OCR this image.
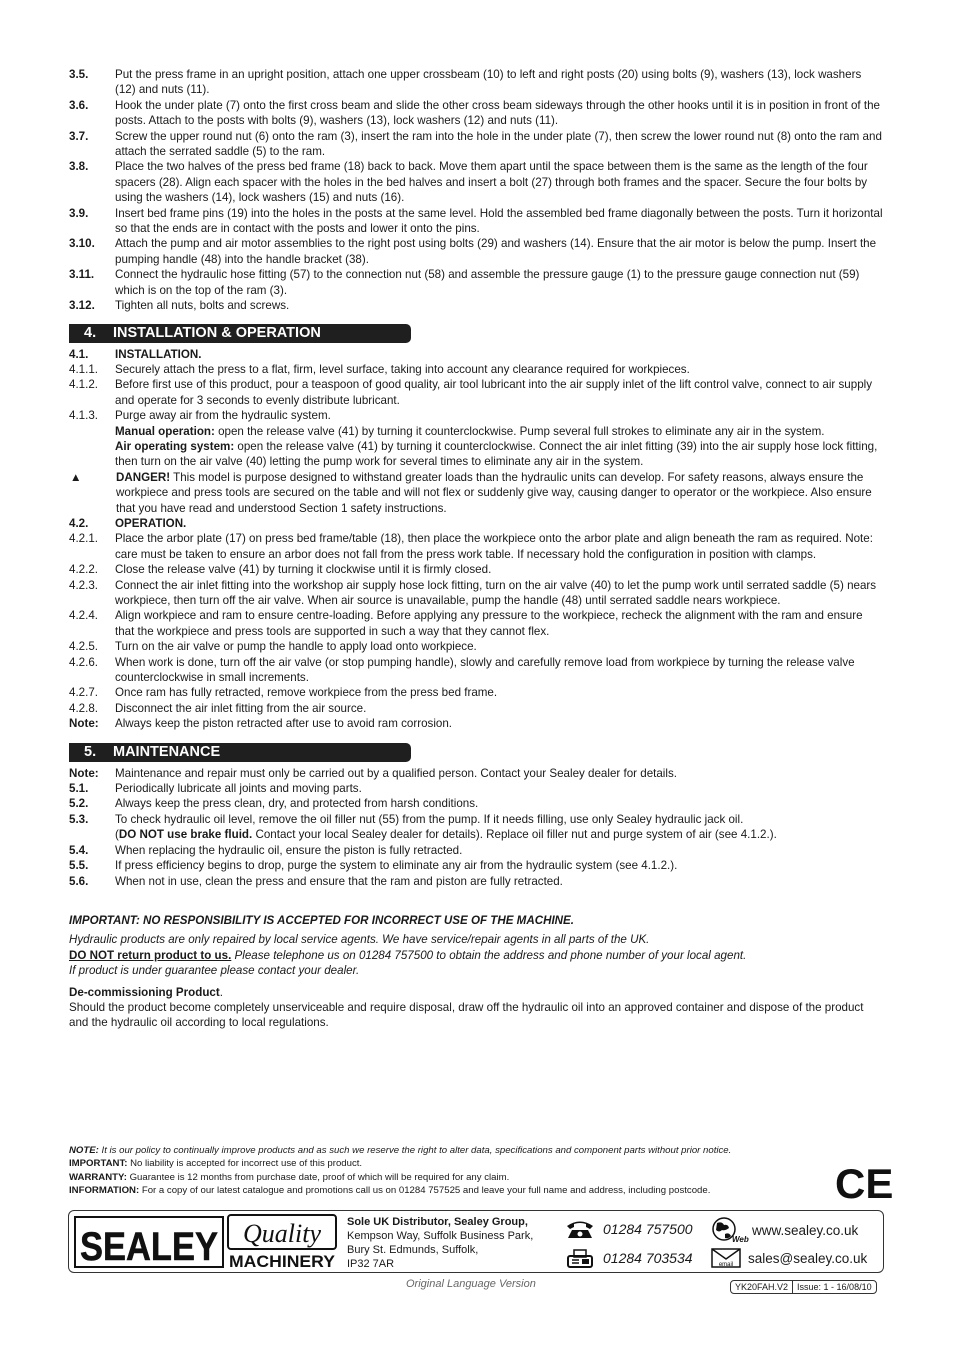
3.5.	Put the press frame in an upright position, attach one upper crossbeam (10) to left and right posts (20) using bolts (9), washers (13), lock washers (12) and nuts (11).
3.6.	Hook the under plate (7) onto the first cross beam and slide the other cross beam sideways through the other hooks until it is in position in front of the posts. Attach to the posts with bolts (9), washers (13), lock washers (12) and nuts (11).
3.7.	Screw the upper round nut (6) onto the ram (3), insert the ram into the hole in the under plate (7), then screw the lower round nut (8) onto the ram and attach the serrated saddle (5) to the ram.
3.8.	Place the two halves of the press bed frame (18) back to back. Move them apart until the space between them is the same as the length of the four spacers (28). Align each spacer with the holes in the bed halves and insert a bolt (27) through both frames and the spacer. Secure the four bolts by using the washers (14), lock washers (15) and nuts (16).
3.9.	Insert bed frame pins (19) into the holes in the posts at the same level. Hold the assembled bed frame diagonally between the posts. Turn it horizontal so that the ends are in contact with the posts and lower it onto the pins.
3.10.	Attach the pump and air motor assemblies to the right post using bolts (29) and washers (14). Ensure that the air motor is below the pump. Insert the pumping handle (48) into the handle bracket (38).
3.11.	Connect the hydraulic hose fitting (57) to the connection nut (58) and assemble the pressure gauge (1) to the pressure gauge connection nut (59) which is on the top of the ram (3).
3.12.	Tighten all nuts, bolts and screws.
4.	INSTALLATION & OPERATION
4.1.	INSTALLATION.
4.1.1.	Securely attach the press to a flat, firm, level surface, taking into account any clearance required for workpieces.
4.1.2.	Before first use of this product, pour a teaspoon of good quality, air tool lubricant into the air supply inlet of the lift control valve, connect to air supply and operate for 3 seconds to evenly distribute lubricant.
4.1.3.	Purge away air from the hydraulic system.
Manual operation: open the release valve (41) by turning it counterclockwise. Pump several full strokes to eliminate any air in the system.
Air operating system: open the release valve (41) by turning it counterclockwise. Connect the air inlet fitting (39) into the air supply hose lock fitting, then turn on the air valve (40) letting the pump work for several times to eliminate any air in the system.
▲	DANGER! This model is purpose designed to withstand greater loads than the hydraulic units can develop. For safety reasons, always ensure the workpiece and press tools are secured on the table and will not flex or suddenly give way, causing danger to operator or the workpiece. Also ensure that you have read and understood Section 1 safety instructions.
4.2.	OPERATION.
4.2.1.	Place the arbor plate (17) on press bed frame/table (18), then place the workpiece onto the arbor plate and align beneath the ram as required. Note: care must be taken to ensure an arbor does not fall from the press work table. If necessary hold the configuration in position with clamps.
4.2.2.	Close the release valve (41) by turning it clockwise until it is firmly closed.
4.2.3.	Connect the air inlet fitting into the workshop air supply hose lock fitting, turn on the air valve (40) to let the pump work until serrated saddle (5) nears workpiece, then turn off the air valve. When air source is unavailable, pump the handle (48) until serrated saddle nears workpiece.
4.2.4.	Align workpiece and ram to ensure centre-loading. Before applying any pressure to the workpiece, recheck the alignment with the ram and ensure that the workpiece and press tools are supported in such a way that they cannot flex.
4.2.5.	Turn on the air valve or pump the handle to apply load onto workpiece.
4.2.6.	When work is done, turn off the air valve (or stop pumping handle), slowly and carefully remove load from workpiece by turning the release valve counterclockwise in small increments.
4.2.7.	Once ram has fully retracted, remove workpiece from the press bed frame.
4.2.8.	Disconnect the air inlet fitting from the air source.
Note:	Always keep the piston retracted after use to avoid ram corrosion.
5.	MAINTENANCE
Note:	Maintenance and repair must only be carried out by a qualified person. Contact your Sealey dealer for details.
5.1.	Periodically lubricate all joints and moving parts.
5.2.	Always keep the press clean, dry, and protected from harsh conditions.
5.3.	To check hydraulic oil level, remove the oil filler nut (55) from the pump. If it needs filling, use only Sealey hydraulic jack oil.
(DO NOT use brake fluid. Contact your local Sealey dealer for details). Replace oil filler nut and purge system of air (see 4.1.2.).
5.4.	When replacing the hydraulic oil, ensure the piston is fully retracted.
5.5.	If press efficiency begins to drop, purge the system to eliminate any air from the hydraulic system (see 4.1.2.).
5.6.	When not in use, clean the press and ensure that the ram and piston are fully retracted.

IMPORTANT: NO RESPONSIBILITY IS ACCEPTED FOR INCORRECT USE OF THE MACHINE.

Hydraulic products are only repaired by local service agents. We have service/repair agents in all parts of the UK.

DO NOT return product to us. Please telephone us on 01284 757500 to obtain the address and phone number of your local agent.

If product is under guarantee please contact your dealer.

De-commissioning Product.

Should the product become completely unserviceable and require disposal, draw off the hydraulic oil into an approved container and dispose of the product and the hydraulic oil according to local regulations.

NOTE: It is our policy to continually improve products and as such we reserve the right to alter data, specifications and component parts without prior notice.
IMPORTANT: No liability is accepted for incorrect use of this product.
WARRANTY: Guarantee is 12 months from purchase date, proof of which will be required for any claim.
INFORMATION: For a copy of our latest catalogue and promotions call us on 01284 757525 and leave your full name and address, including postcode.	CE
SEALEY Quality
MACHINERY
Sole UK Distributor, Sealey Group,
Kempson Way, Suffolk Business Park,
Bury St. Edmunds, Suffolk,
IP32 7AR
01284 757500
01284 703534
Web
www.sealey.co.uk
email sales@sealey.co.uk
Original Language Version	YK20FAH.V2 Issue: 1 - 16/08/10
